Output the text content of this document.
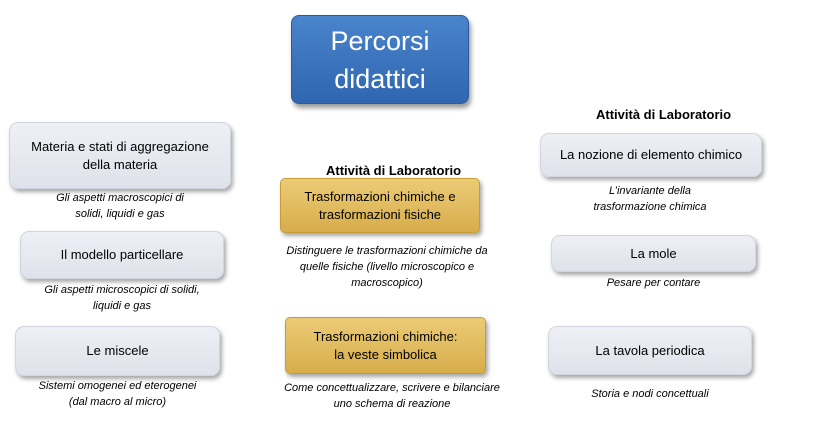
Percorsi
didattici
Attività di Laboratorio
Attività di Laboratorio
Materia e stati di aggregazione
della materia
Gli aspetti macroscopici di
solidi, liquidi e gas
Il modello particellare
Gli aspetti microscopici di solidi,
liquidi e gas
Le miscele
Sistemi omogenei ed eterogenei
(dal macro al micro)
Trasformazioni chimiche e
trasformazioni fisiche
Distinguere le trasformazioni chimiche da
quelle fisiche (livello microscopico e
macroscopico)
Trasformazioni chimiche:
la veste simbolica
Come concettualizzare, scrivere e bilanciare
uno schema di reazione
La nozione di elemento chimico
L’invariante della
trasformazione chimica
La mole
Pesare per contare
La tavola periodica
Storia e nodi concettuali
